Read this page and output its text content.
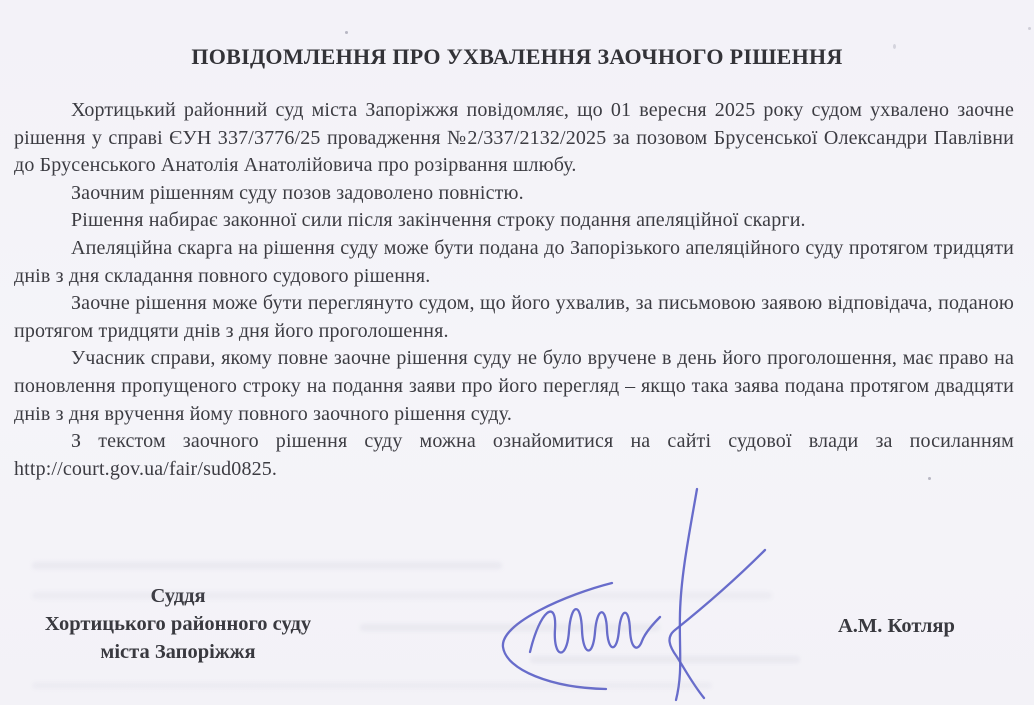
ПОВІДОМЛЕННЯ ПРО УХВАЛЕННЯ ЗАОЧНОГО РІШЕННЯ

Хортицький районний суд міста Запоріжжя повідомляє, що 01 вересня 2025 року судом ухвалено заочне рішення у справі ЄУН 337/3776/25 провадження №2/337/2132/2025 за позовом Брусенської Олександри Павлівни до Брусенського Анатолія Анатолійовича про розірвання шлюбу.

Заочним рішенням суду позов задоволено повністю.

Рішення набирає законної сили після закінчення строку подання апеляційної скарги.

Апеляційна скарга на рішення суду може бути подана до Запорізького апеляційного суду протягом тридцяти днів з дня складання повного судового рішення.

Заочне рішення може бути переглянуто судом, що його ухвалив, за письмовою заявою відповідача, поданою протягом тридцяти днів з дня його проголошення.

Учасник справи, якому повне заочне рішення суду не було вручене в день його проголошення, має право на поновлення пропущеного строку на подання заяви про його перегляд – якщо така заява подана протягом двадцяти днів з дня вручення йому повного заочного рішення суду.

З текстом заочного рішення суду можна ознайомитися на сайті судової влади за посиланням http://court.gov.ua/fair/sud0825.

Суддя
Хортицького районного суду
міста Запоріжжя
А.М. Котляр
